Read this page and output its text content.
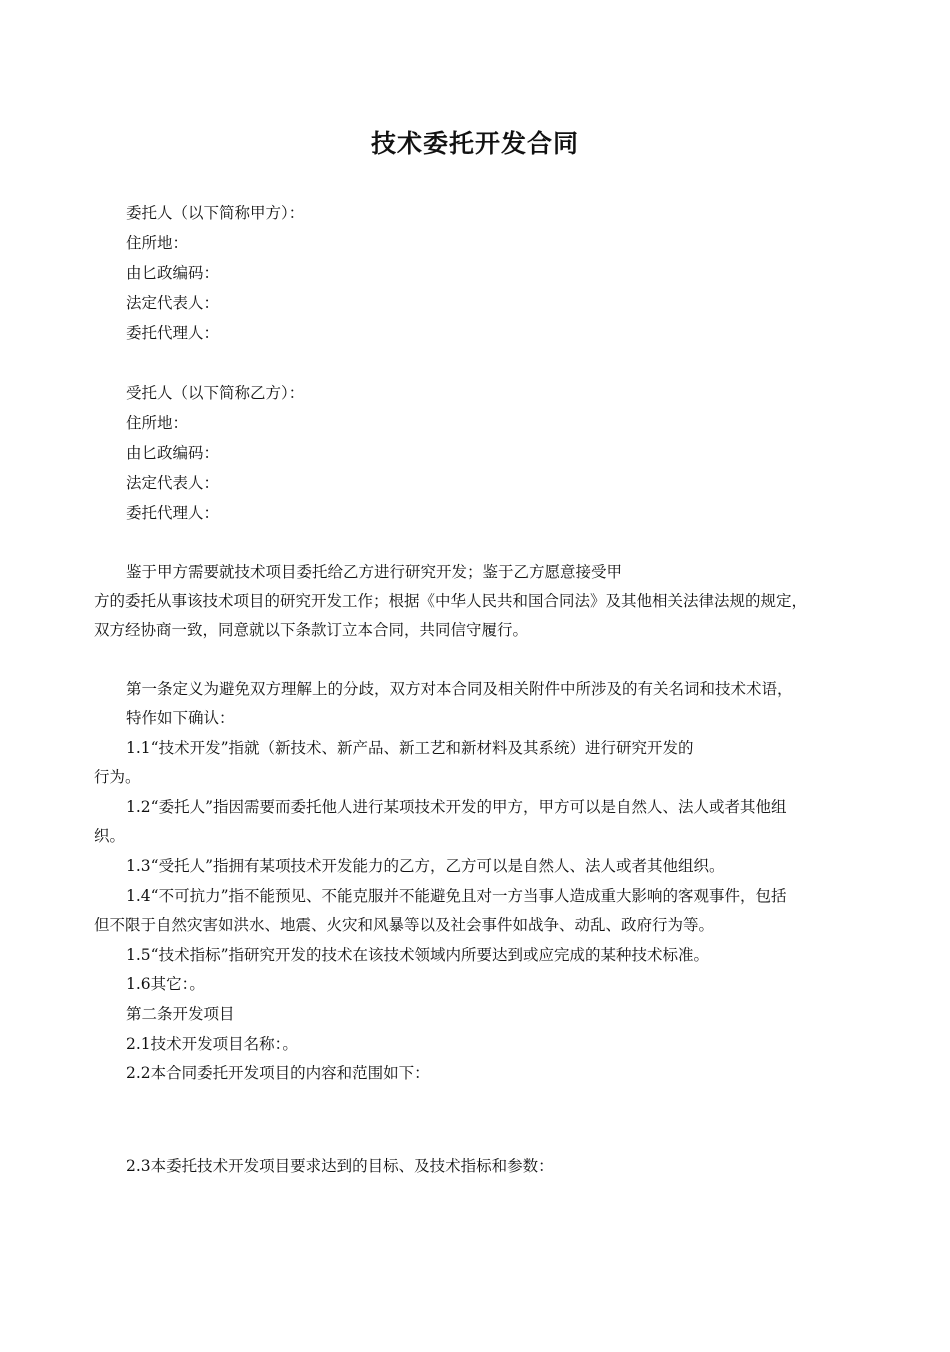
技术委托开发合同
委托人（以下简称甲方）：
住所地：
由匕政编码：
法定代表人：
委托代理人：
受托人（以下简称乙方）：
住所地：
由匕政编码：
法定代表人：
委托代理人：
鉴于甲方需要就技术项目委托给乙方进行研究开发；鉴于乙方愿意接受甲
方的委托从事该技术项目的研究开发工作；根据《中华人民共和国合同法》及其他相关法律法规的规定，
双方经协商一致，同意就以下条款订立本合同，共同信守履行。
第一条定义为避免双方理解上的分歧，双方对本合同及相关附件中所涉及的有关名词和技术术语，
特作如下确认：
1.1“技术开发”指就（新技术、新产品、新工艺和新材料及其系统）进行研究开发的
行为。
1.2“委托人”指因需要而委托他人进行某项技术开发的甲方，甲方可以是自然人、法人或者其他组
织。
1.3“受托人”指拥有某项技术开发能力的乙方，乙方可以是自然人、法人或者其他组织。
1.4“不可抗力”指不能预见、不能克服并不能避免且对一方当事人造成重大影响的客观事件，包括
但不限于自然灾害如洪水、地震、火灾和风暴等以及社会事件如战争、动乱、政府行为等。
1.5“技术指标”指研究开发的技术在该技术领域内所要达到或应完成的某种技术标准。
1.6其它：。
第二条开发项目
2.1技术开发项目名称：。
2.2本合同委托开发项目的内容和范围如下：
2.3本委托技术开发项目要求达到的目标、及技术指标和参数：
